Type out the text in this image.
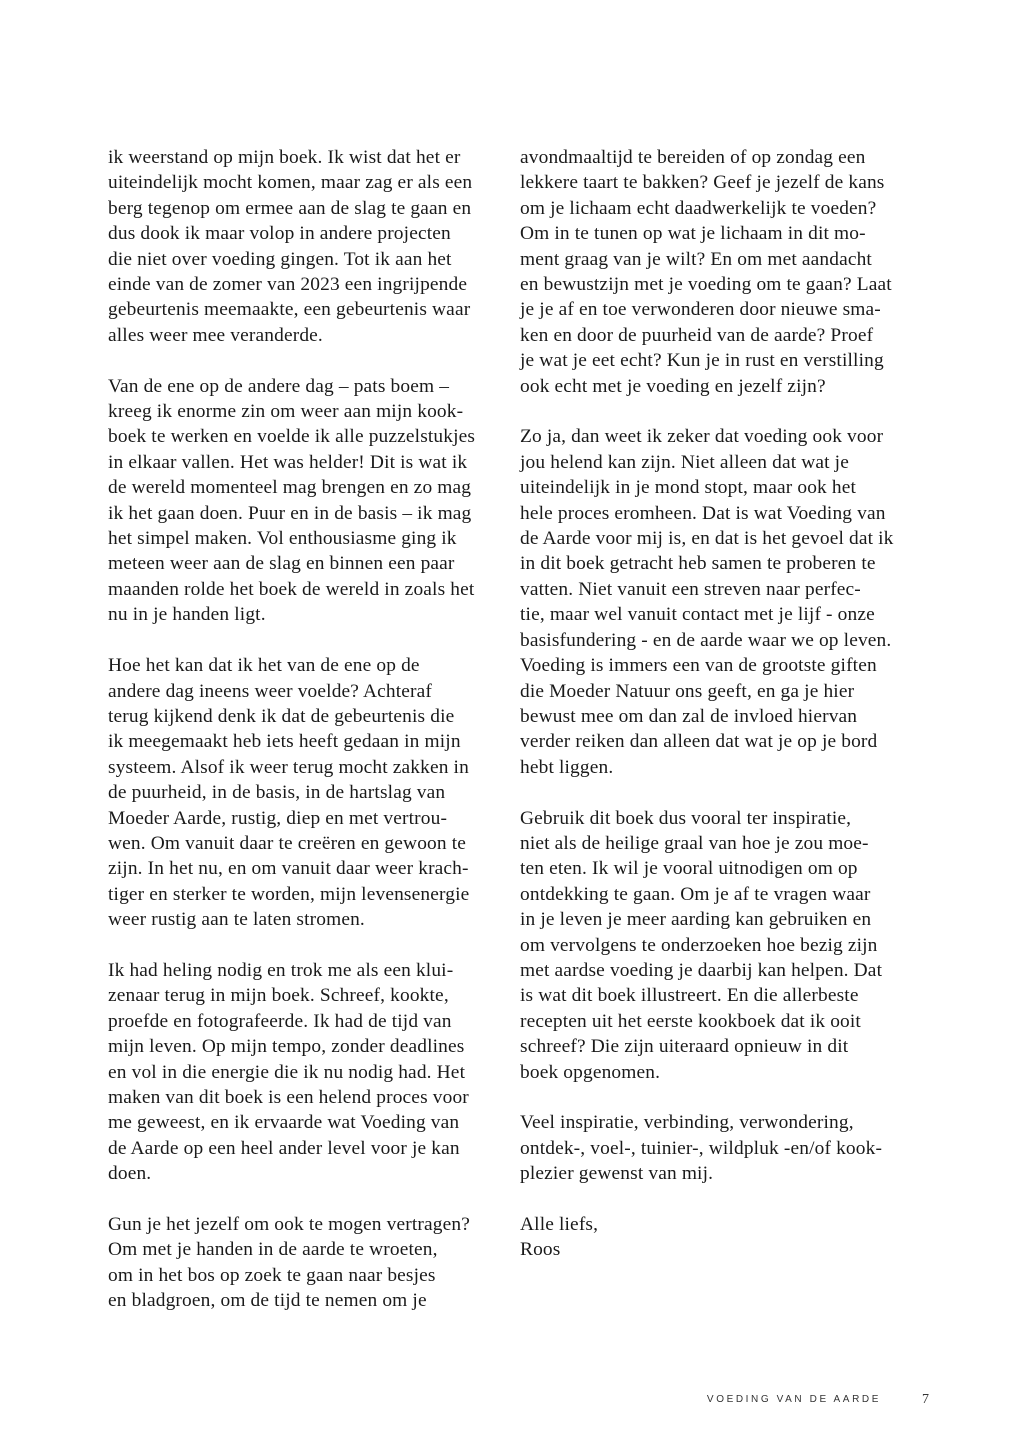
ik weerstand op mijn boek. Ik wist dat het er
uiteindelijk mocht komen, maar zag er als een
berg tegenop om ermee aan de slag te gaan en
dus dook ik maar volop in andere projecten
die niet over voeding gingen. Tot ik aan het
einde van de zomer van 2023 een ingrijpende
gebeurtenis meemaakte, een gebeurtenis waar
alles weer mee veranderde.

Van de ene op de andere dag – pats boem –
kreeg ik enorme zin om weer aan mijn kook-
boek te werken en voelde ik alle puzzelstukjes
in elkaar vallen. Het was helder! Dit is wat ik
de wereld momenteel mag brengen en zo mag
ik het gaan doen. Puur en in de basis – ik mag
het simpel maken. Vol enthousiasme ging ik
meteen weer aan de slag en binnen een paar
maanden rolde het boek de wereld in zoals het
nu in je handen ligt.

Hoe het kan dat ik het van de ene op de
andere dag ineens weer voelde? Achteraf
terug kijkend denk ik dat de gebeurtenis die
ik meegemaakt heb iets heeft gedaan in mijn
systeem. Alsof ik weer terug mocht zakken in
de puurheid, in de basis, in de hartslag van
Moeder Aarde, rustig, diep en met vertrou-
wen. Om vanuit daar te creëren en gewoon te
zijn. In het nu, en om vanuit daar weer krach-
tiger en sterker te worden, mijn levensenergie
weer rustig aan te laten stromen.

Ik had heling nodig en trok me als een klui-
zenaar terug in mijn boek. Schreef, kookte,
proefde en fotografeerde. Ik had de tijd van
mijn leven. Op mijn tempo, zonder deadlines
en vol in die energie die ik nu nodig had. Het
maken van dit boek is een helend proces voor
me geweest, en ik ervaarde wat Voeding van
de Aarde op een heel ander level voor je kan
doen.

Gun je het jezelf om ook te mogen vertragen?
Om met je handen in de aarde te wroeten,
om in het bos op zoek te gaan naar besjes
en bladgroen, om de tijd te nemen om je

avondmaaltijd te bereiden of op zondag een
lekkere taart te bakken? Geef je jezelf de kans
om je lichaam echt daadwerkelijk te voeden?
Om in te tunen op wat je lichaam in dit mo-
ment graag van je wilt? En om met aandacht
en bewustzijn met je voeding om te gaan? Laat
je je af en toe verwonderen door nieuwe sma-
ken en door de puurheid van de aarde? Proef
je wat je eet echt? Kun je in rust en verstilling
ook echt met je voeding en jezelf zijn?

Zo ja, dan weet ik zeker dat voeding ook voor
jou helend kan zijn. Niet alleen dat wat je
uiteindelijk in je mond stopt, maar ook het
hele proces eromheen. Dat is wat Voeding van
de Aarde voor mij is, en dat is het gevoel dat ik
in dit boek getracht heb samen te proberen te
vatten. Niet vanuit een streven naar perfec-
tie, maar wel vanuit contact met je lijf - onze
basisfundering - en de aarde waar we op leven.
Voeding is immers een van de grootste giften
die Moeder Natuur ons geeft, en ga je hier
bewust mee om dan zal de invloed hiervan
verder reiken dan alleen dat wat je op je bord
hebt liggen.

Gebruik dit boek dus vooral ter inspiratie,
niet als de heilige graal van hoe je zou moe-
ten eten. Ik wil je vooral uitnodigen om op
ontdekking te gaan. Om je af te vragen waar
in je leven je meer aarding kan gebruiken en
om vervolgens te onderzoeken hoe bezig zijn
met aardse voeding je daarbij kan helpen. Dat
is wat dit boek illustreert. En die allerbeste
recepten uit het eerste kookboek dat ik ooit
schreef? Die zijn uiteraard opnieuw in dit
boek opgenomen.

Veel inspiratie, verbinding, verwondering,
ontdek-, voel-, tuinier-, wildpluk -en/of kook-
plezier gewenst van mij.

Alle liefs,
Roos

VOEDING VAN DE AARDE	7
